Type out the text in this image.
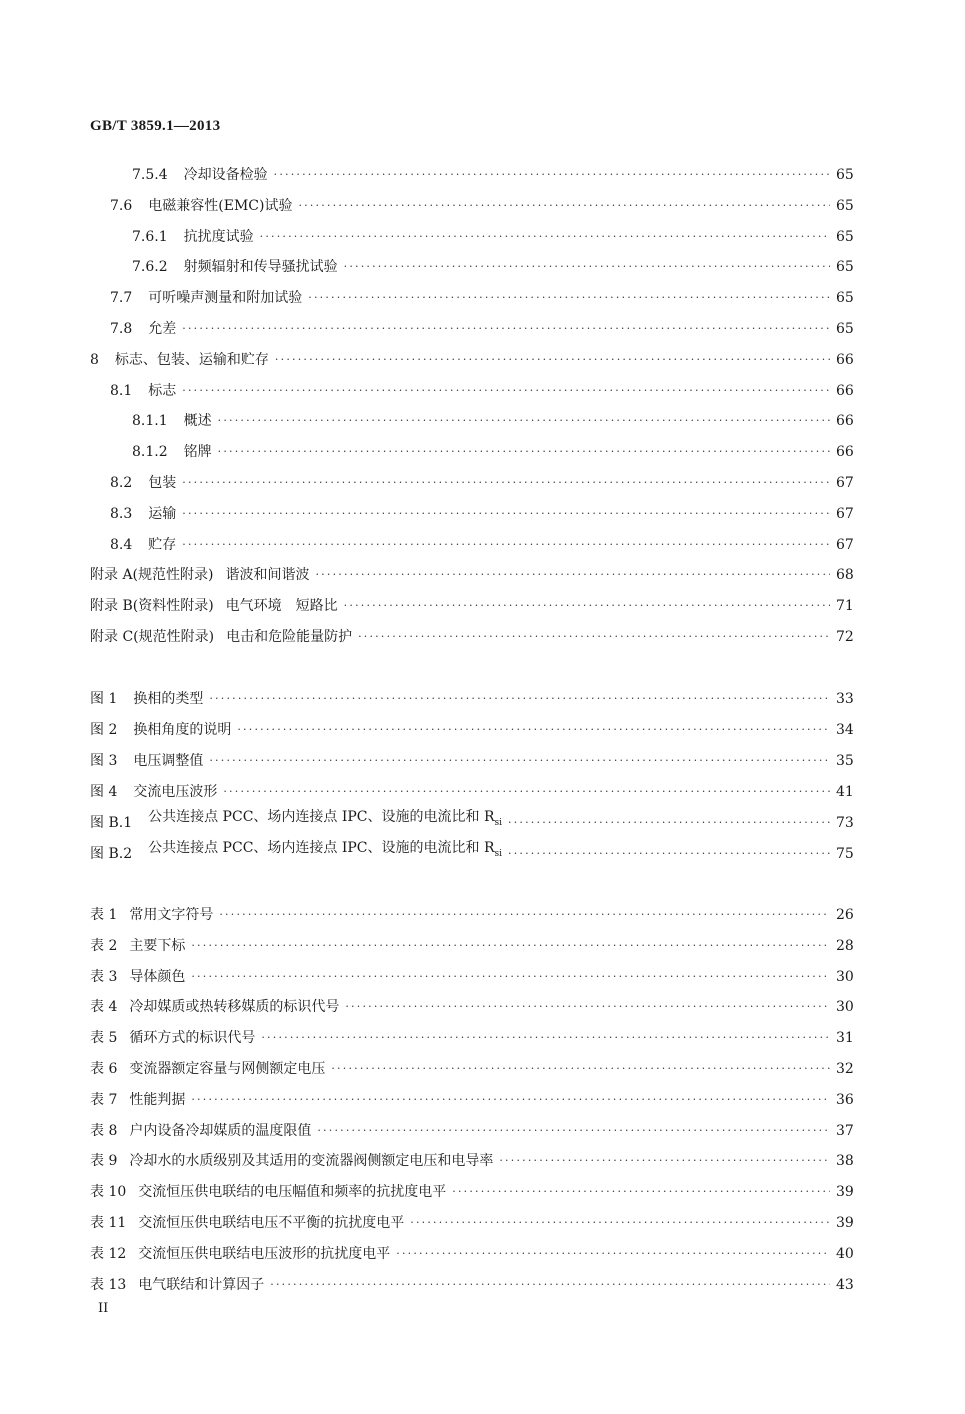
GB/T 3859.1—2013
7.5.4 冷却设备检验 ·····	65
7.6 电磁兼容性(EMC)试验 ·····	65
7.6.1 抗扰度试验 ·····	65
7.6.2 射频辐射和传导骚扰试验 ·····	65
7.7 可听噪声测量和附加试验 ·····	65
7.8 允差 ·····	65
8 标志、包装、运输和贮存 ·····	66
8.1 标志 ·····	66
8.1.1 概述 ·····	66
8.1.2 铭牌 ·····	66
8.2 包装 ·····	67
8.3 运输 ·····	67
8.4 贮存 ·····	67
附录 A(规范性附录) 谐波和间谐波 ·····	68
附录 B(资料性附录) 电气环境　短路比 ·····	71
附录 C(规范性附录) 电击和危险能量防护 ·····	72
图 1 换相的类型 ·····	33
图 2 换相角度的说明 ·····	34
图 3 电压调整值 ·····	35
图 4 交流电压波形 ·····	41
图 B.1 公共连接点 PCC、场内连接点 IPC、设施的电流比和 $R_{si}$ ·····	73
图 B.2 公共连接点 PCC、场内连接点 IPC、设施的电流比和 $R_{si}$ ·····	75
表 1 常用文字符号 ·····	26
表 2 主要下标 ·····	28
表 3 导体颜色 ·····	30
表 4 冷却媒质或热转移媒质的标识代号 ·····	30
表 5 循环方式的标识代号 ·····	31
表 6 变流器额定容量与网侧额定电压 ·····	32
表 7 性能判据 ·····	36
表 8 户内设备冷却媒质的温度限值 ·····	37
表 9 冷却水的水质级别及其适用的变流器阀侧额定电压和电导率 ·····	38
表 10 交流恒压供电联结的电压幅值和频率的抗扰度电平 ·····	39
表 11 交流恒压供电联结电压不平衡的抗扰度电平 ·····	39
表 12 交流恒压供电联结电压波形的抗扰度电平 ·····	40
表 13 电气联结和计算因子 ·····	43
II
